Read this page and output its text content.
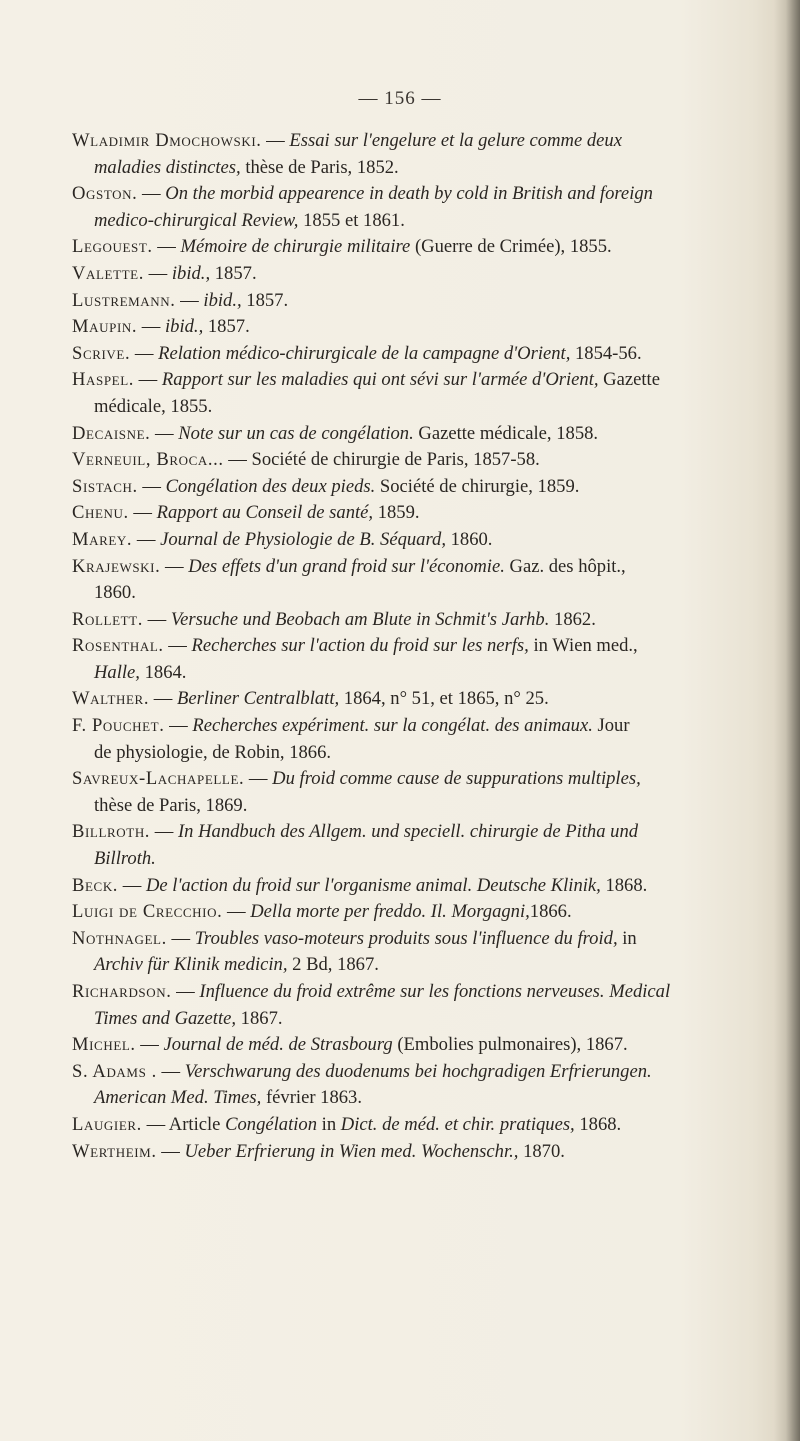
— 156 —

Wladimir Dmochowski. — Essai sur l'engelure et la gelure comme deux
maladies distinctes, thèse de Paris, 1852.

Ogston. — On the morbid appearence in death by cold in British and foreign
medico-chirurgical Review, 1855 et 1861.

Legouest. — Mémoire de chirurgie militaire (Guerre de Crimée), 1855.

Valette. — ibid., 1857.

Lustremann. — ibid., 1857.

Maupin. — ibid., 1857.

Scrive. — Relation médico-chirurgicale de la campagne d'Orient, 1854-56.

Haspel. — Rapport sur les maladies qui ont sévi sur l'armée d'Orient, Gazette
médicale, 1855.

Decaisne. — Note sur un cas de congélation. Gazette médicale, 1858.

Verneuil, Broca... — Société de chirurgie de Paris, 1857-58.

Sistach. — Congélation des deux pieds. Société de chirurgie, 1859.

Chenu. — Rapport au Conseil de santé, 1859.

Marey. — Journal de Physiologie de B. Séquard, 1860.

Krajewski. — Des effets d'un grand froid sur l'économie. Gaz. des hôpit.,
1860.

Rollett. — Versuche und Beobach am Blute in Schmit's Jarhb. 1862.

Rosenthal. — Recherches sur l'action du froid sur les nerfs, in Wien med.,
Halle, 1864.

Walther. — Berliner Centralblatt, 1864, n° 51, et 1865, n° 25.

F. Pouchet. — Recherches expériment. sur la congélat. des animaux. Jour
de physiologie, de Robin, 1866.

Savreux-Lachapelle. — Du froid comme cause de suppurations multiples,
thèse de Paris, 1869.

Billroth. — In Handbuch des Allgem. und speciell. chirurgie de Pitha und
Billroth.

Beck. — De l'action du froid sur l'organisme animal. Deutsche Klinik, 1868.

Luigi de Crecchio. — Della morte per freddo. Il. Morgagni,1866.

Nothnagel. — Troubles vaso-moteurs produits sous l'influence du froid, in
Archiv für Klinik medicin, 2 Bd, 1867.

Richardson. — Influence du froid extrême sur les fonctions nerveuses. Medical
Times and Gazette, 1867.

Michel. — Journal de méd. de Strasbourg (Embolies pulmonaires), 1867.

S. Adams . — Verschwarung des duodenums bei hochgradigen Erfrierungen.
American Med. Times, février 1863.

Laugier. — Article Congélation in Dict. de méd. et chir. pratiques, 1868.

Wertheim. — Ueber Erfrierung in Wien med. Wochenschr., 1870.
